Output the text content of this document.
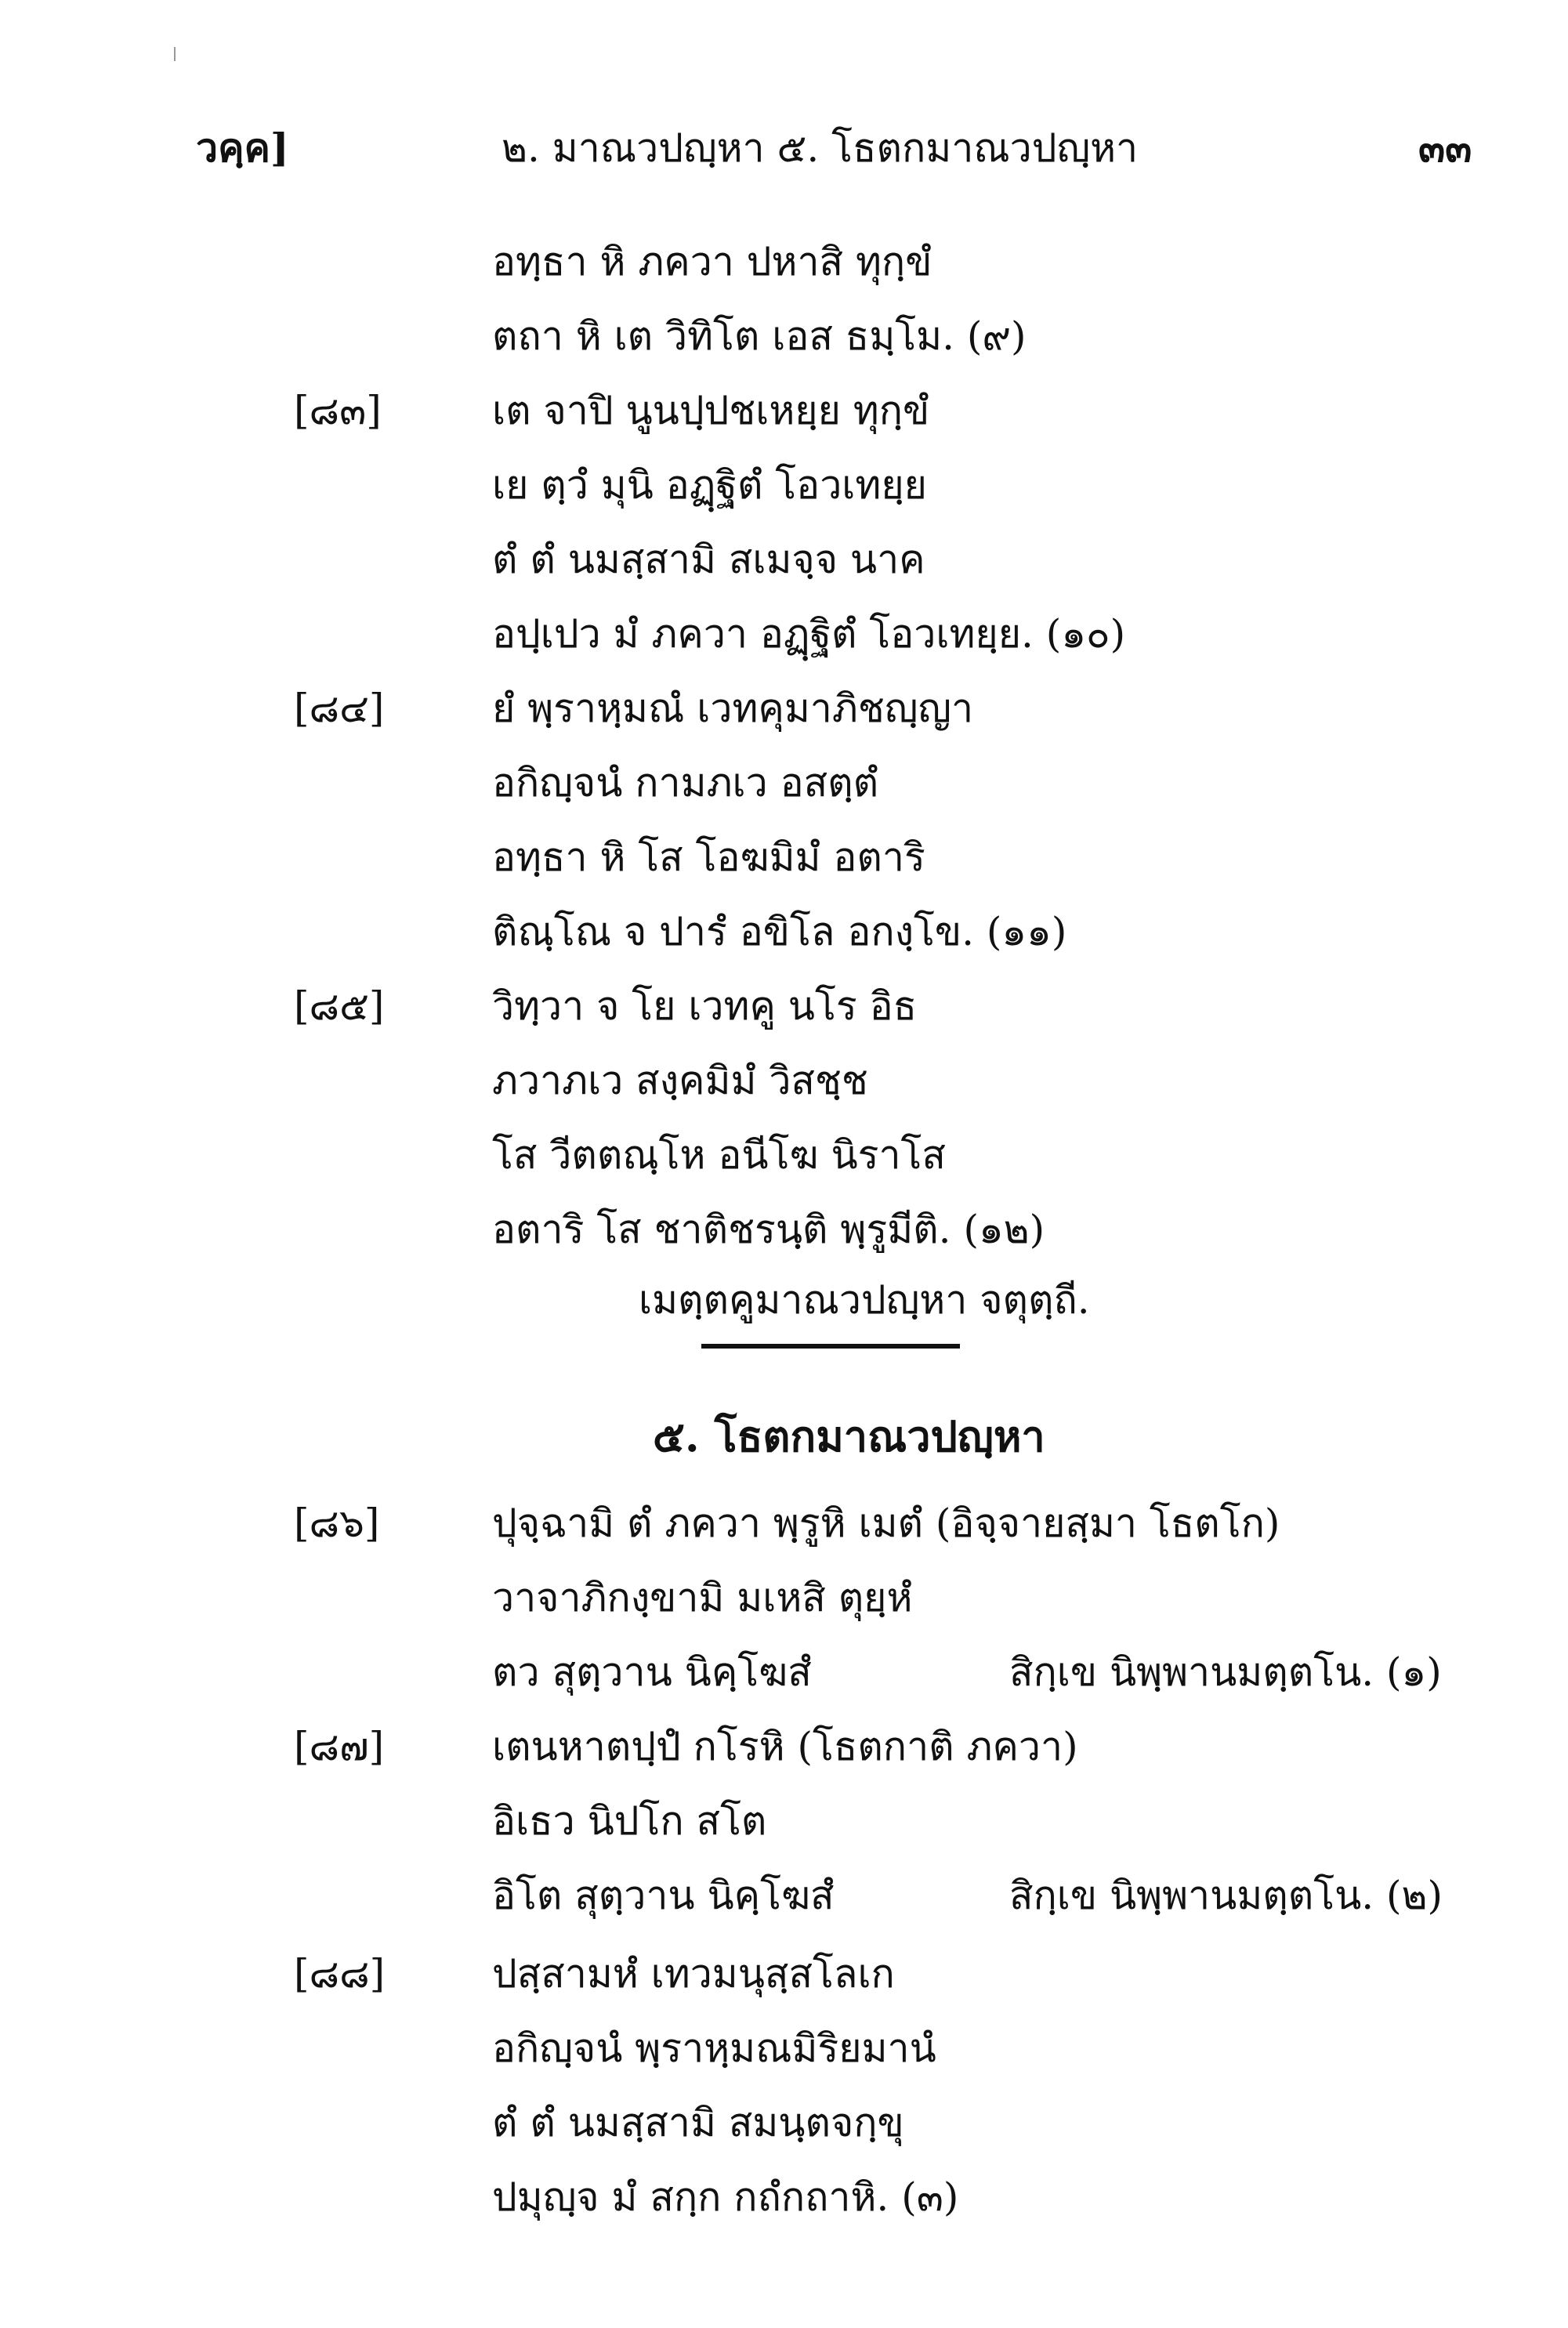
วคฺค]	๒. มาณวปญฺหา ๕. โธตกมาณวปญฺหา	๓๓
อทฺธา หิ ภควา ปหาสิ ทุกฺขํ
ตถา หิ เต วิทิโต เอส ธมฺโม. (๙)
[๘๓]	เต จาปิ นูนปฺปชเหยฺย ทุกฺขํ
เย ตฺวํ มุนิ อฏฺฐิตํ โอวเทยฺย
ตํ ตํ นมสฺสามิ สเมจฺจ นาค
อปฺเปว มํ ภควา อฏฺฐิตํ โอวเทยฺย. (๑๐)
[๘๔]	ยํ พฺราหฺมณํ เวทคุมาภิชญฺญา
อกิญฺจนํ กามภเว อสตฺตํ
อทฺธา หิ โส โอฆมิมํ อตาริ
ติณฺโณ จ ปารํ อขิโล อกงฺโข. (๑๑)
[๘๕]	วิทฺวา จ โย เวทคู นโร อิธ
ภวาภเว สงฺคมิมํ วิสชฺช
โส วีตตณฺโห อนีโฆ นิราโส
อตาริ โส ชาติชรนฺติ พฺรูมีติ. (๑๒)
เมตฺตคูมาณวปญฺหา จตุตฺถี.
๕. โธตกมาณวปญฺหา
[๘๖]	ปุจฺฉามิ ตํ ภควา พฺรูหิ เมตํ (อิจฺจายสฺมา โธตโก)
วาจาภิกงฺขามิ มเหสิ ตุยฺหํ
ตว สุตฺวาน นิคฺโฆสํ	สิกฺเข นิพฺพานมตฺตโน. (๑)
[๘๗]	เตนหาตปฺปํ กโรหิ (โธตกาติ ภควา)
อิเธว นิปโก สโต
อิโต สุตฺวาน นิคฺโฆสํ	สิกฺเข นิพฺพานมตฺตโน. (๒)
[๘๘]	ปสฺสามหํ เทวมนุสฺสโลเก
อกิญฺจนํ พฺราหฺมณมิริยมานํ
ตํ ตํ นมสฺสามิ สมนฺตจกฺขุ
ปมุญฺจ มํ สกฺก กถํกถาหิ. (๓)
